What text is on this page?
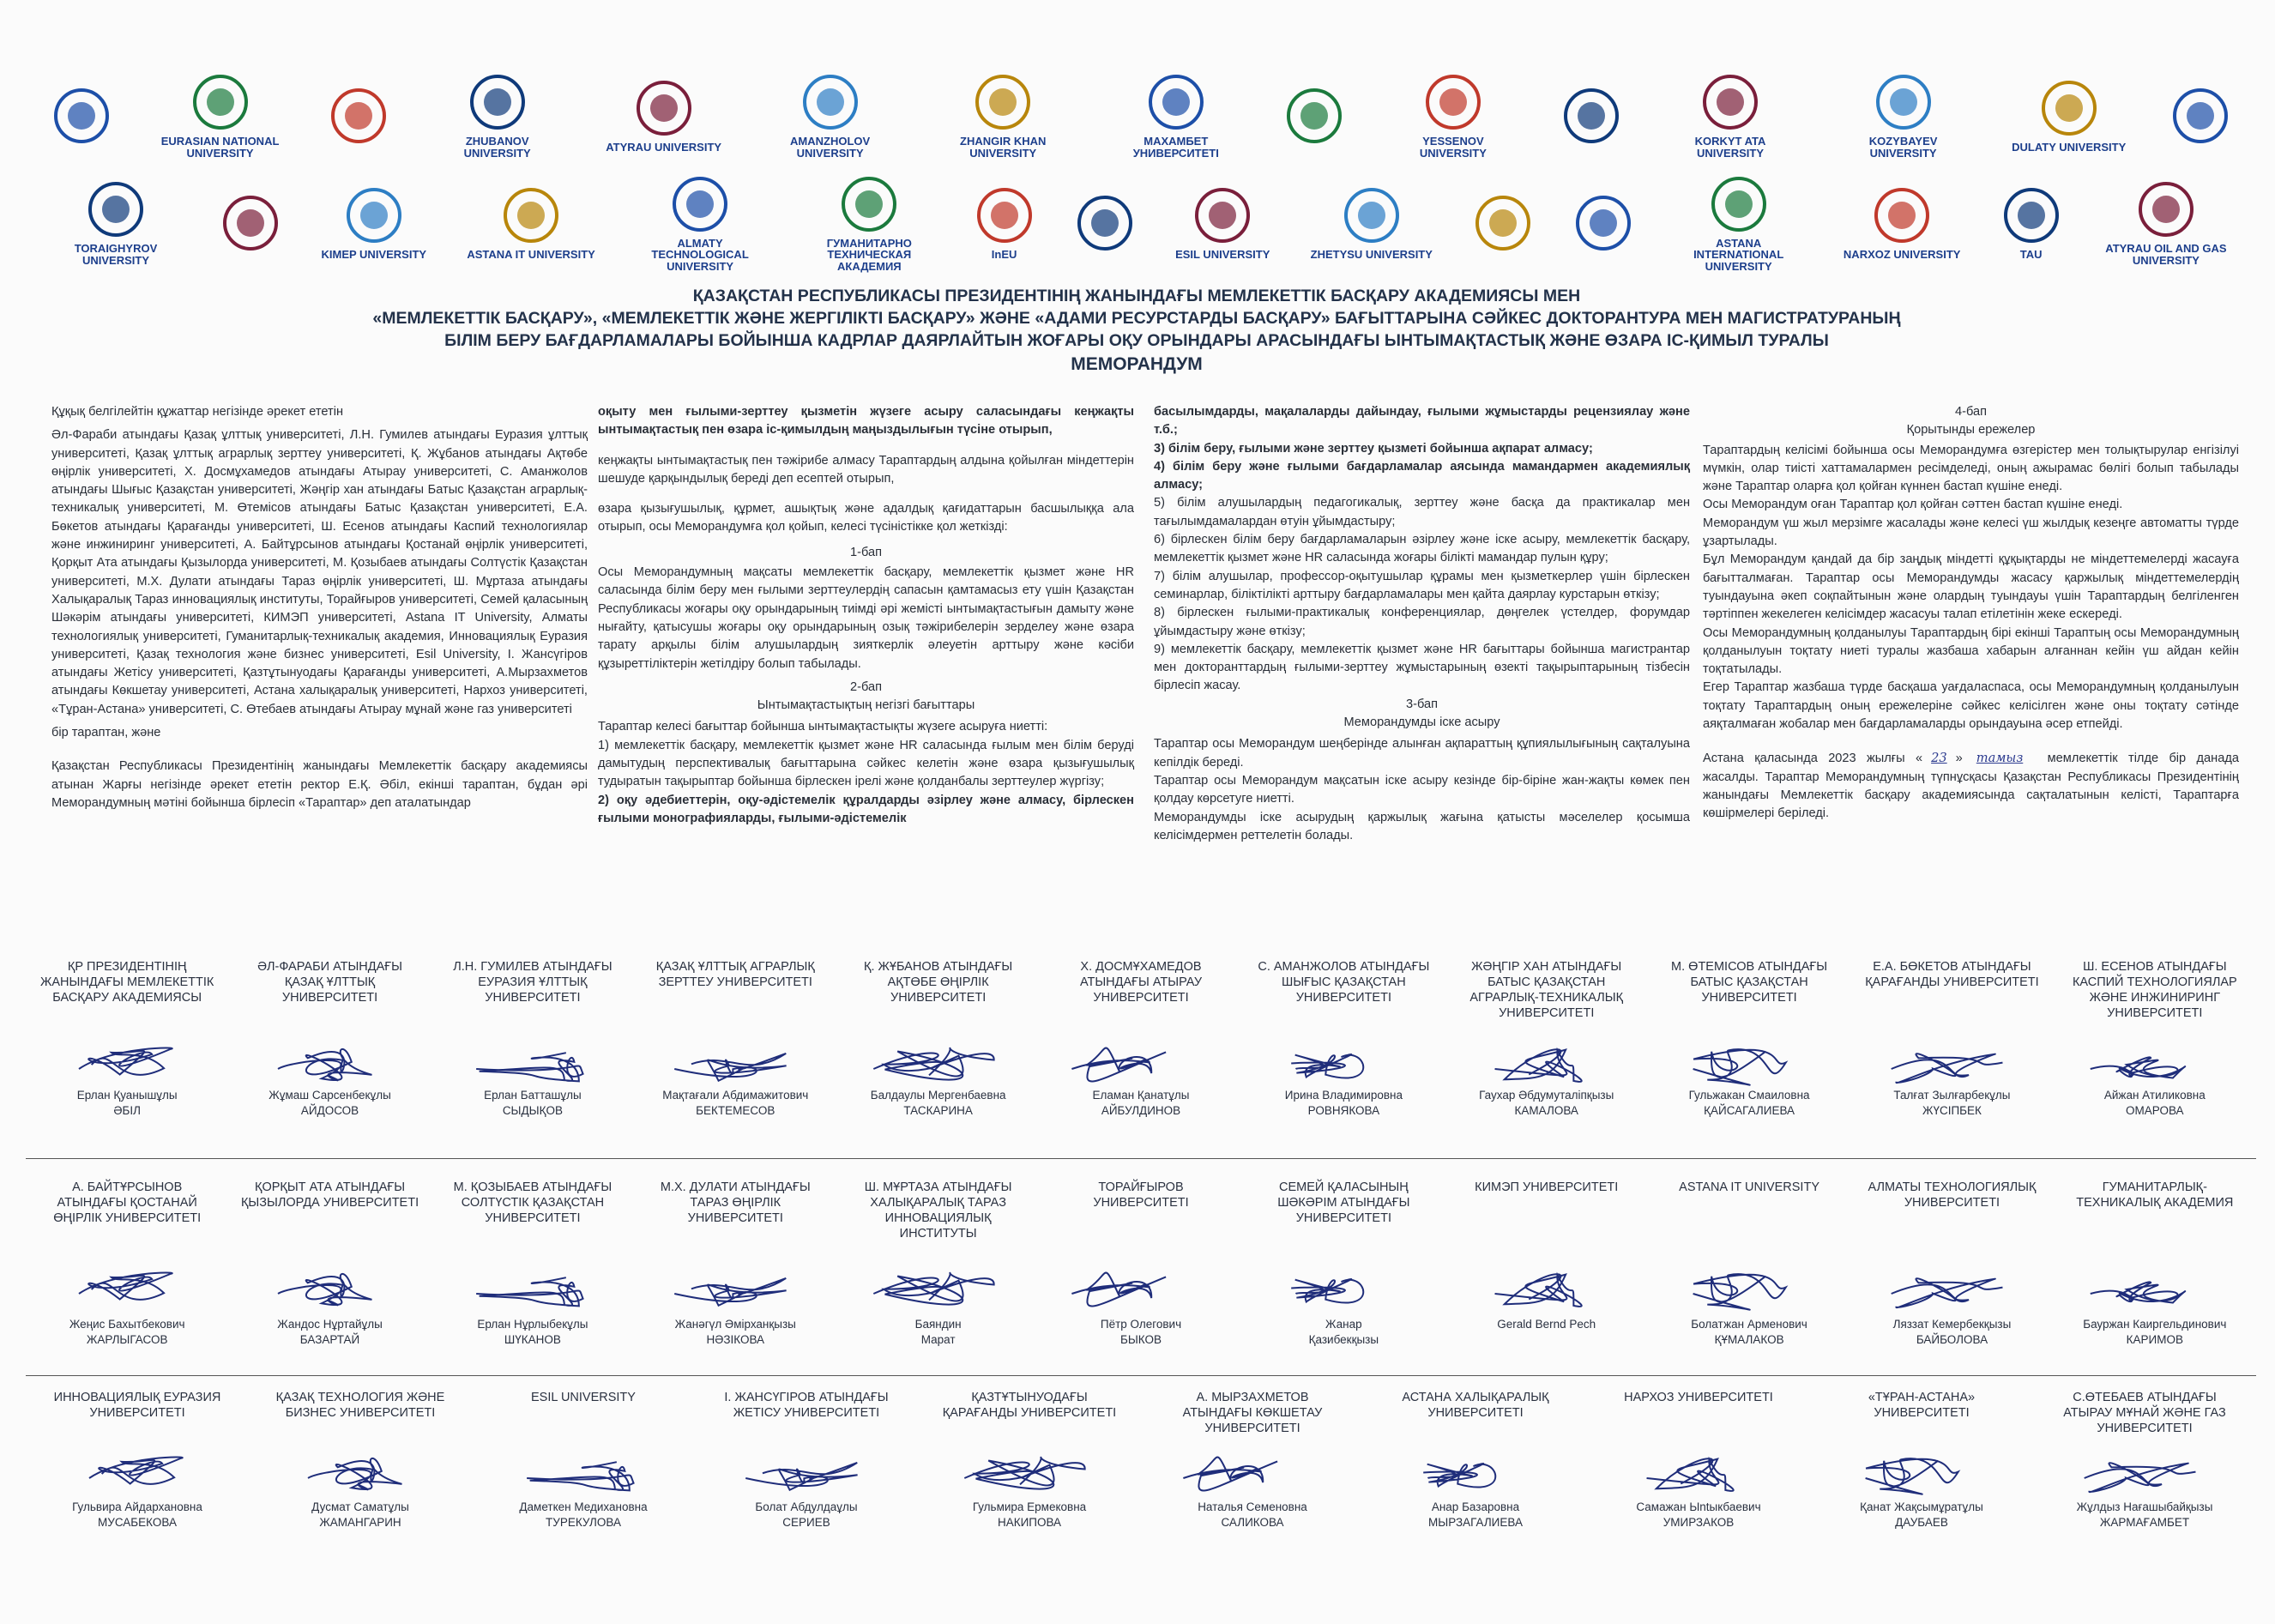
EURASIAN NATIONAL UNIVERSITY
ZHUBANOV UNIVERSITY	ATYRAU UNIVERSITY	AMANZHOLOV UNIVERSITY
ZHANGIR KHAN UNIVERSITY
МАХАМБЕТ УНИВЕРСИТЕТІ
YESSENOV UNIVERSITY
KORKYT ATA UNIVERSITY
KOZYBAYEV UNIVERSITY	DULATY UNIVERSITY
TORAIGHYROV UNIVERSITY	KIMEP UNIVERSITY	ASTANA IT UNIVERSITY
ALMATY TECHNOLOGICAL UNIVERSITY
ГУМАНИТАРНО ТЕХНИЧЕСКАЯ АКАДЕМИЯ
InEU	ESIL UNIVERSITY	ZHETYSU UNIVERSITY
ASTANA INTERNATIONAL UNIVERSITY
NARXOZ UNIVERSITY	TAU	ATYRAU OIL AND GAS UNIVERSITY
ҚАЗАҚСТАН РЕСПУБЛИКАСЫ ПРЕЗИДЕНТІНІҢ ЖАНЫНДАҒЫ МЕМЛЕКЕТТІК БАСҚАРУ АКАДЕМИЯСЫ МЕН
«МЕМЛЕКЕТТІК БАСҚАРУ», «МЕМЛЕКЕТТІК ЖӘНЕ ЖЕРГІЛІКТІ БАСҚАРУ» ЖӘНЕ «АДАМИ РЕСУРСТАРДЫ БАСҚАРУ» БАҒЫТТАРЫНА СӘЙКЕС ДОКТОРАНТУРА МЕН МАГИСТРАТУРАНЫҢ
БІЛІМ БЕРУ БАҒДАРЛАМАЛАРЫ БОЙЫНША КАДРЛАР ДАЯРЛАЙТЫН ЖОҒАРЫ ОҚУ ОРЫНДАРЫ АРАСЫНДАҒЫ ЫНТЫМАҚТАСТЫҚ ЖӘНЕ ӨЗАРА ІС-ҚИМЫЛ ТУРАЛЫ
МЕМОРАНДУМ

Құқық белгілейтін құжаттар негізінде әрекет ететін

Әл-Фараби атындағы Қазақ ұлттық университеті, Л.Н. Гумилев атындағы Еуразия ұлттық университеті, Қазақ ұлттық аграрлық зерттеу университеті, Қ. Жұбанов атындағы Ақтөбе өңірлік университеті, Х. Досмұхамедов атындағы Атырау университеті, С. Аманжолов атындағы Шығыс Қазақстан университеті, Жәңгір хан атындағы Батыс Қазақстан аграрлық-техникалық университеті, М. Өтемісов атындағы Батыс Қазақстан университеті, Е.А. Бөкетов атындағы Қарағанды университеті, Ш. Есенов атындағы Каспий технологиялар және инжиниринг университеті, А. Байтұрсынов атындағы Қостанай өңірлік университеті, Қорқыт Ата атындағы Қызылорда университеті, М. Қозыбаев атындағы Солтүстік Қазақстан университеті, М.Х. Дулати атындағы Тараз өңірлік университеті, Ш. Мұртаза атындағы Халықаралық Тараз инновациялық институты, Торайғыров университеті, Семей қаласының Шәкәрім атындағы университеті, КИМЭП университеті, Astana IT University, Алматы технологиялық университеті, Гуманитарлық-техникалық академия, Инновациялық Еуразия университеті, Қазақ технология және бизнес университеті, Esil University, І. Жансүгіров атындағы Жетісу университеті, Қазтұтынуодағы Қарағанды университеті, А.Мырзахметов атындағы Көкшетау университеті, Астана халықаралық университеті, Нархоз университеті, «Тұран-Астана» университеті, С. Өтебаев атындағы Атырау мұнай және газ университеті

бір тараптан, және

Қазақстан Республикасы Президентінің жанындағы Мемлекеттік басқару академиясы атынан Жарғы негізінде әрекет ететін ректор Е.Қ. Әбіл, екінші тараптан, бұдан әрі Меморандумның мәтіні бойынша бірлесіп «Тараптар» деп аталатындар

оқыту мен ғылыми-зерттеу қызметін жүзеге асыру саласындағы кеңжақты ынтымақтастық пен өзара іс-қимылдың маңыздылығын түсіне отырып,

кеңжақты ынтымақтастық пен тәжірибе алмасу Тараптардың алдына қойылған міндеттерін шешуде қарқындылық береді деп есептей отырып,

өзара қызығушылық, құрмет, ашықтық және адалдық қағидаттарын басшылыққа ала отырып, осы Меморандумға қол қойып, келесі түсіністікке қол жеткізді:

1-бап

Осы Меморандумның мақсаты мемлекеттік басқару, мемлекеттік қызмет және HR саласында білім беру мен ғылыми зерттеулердің сапасын қамтамасыз ету үшін Қазақстан Республикасы жоғары оқу орындарының тиімді әрі жемісті ынтымақтастығын дамыту және нығайту, қатысушы жоғары оқу орындарының озық тәжірибелерін зерделеу және өзара тарату арқылы білім алушылардың зияткерлік әлеуетін арттыру және кәсіби құзыреттіліктерін жетілдіру болып табылады.

2-бап
Ынтымақтастықтың негізгі бағыттары

Тараптар келесі бағыттар бойынша ынтымақтастықты жүзеге асыруға ниетті:

1) мемлекеттік басқару, мемлекеттік қызмет және HR саласында ғылым мен білім беруді дамытудың перспективалық бағыттарына сәйкес келетін және өзара қызығушылық тудыратын тақырыптар бойынша бірлескен ірелі және қолданбалы зерттеулер жүргізу;

2) оқу әдебиеттерін, оқу-әдістемелік құралдарды әзірлеу және алмасу, бірлескен ғылыми монографияларды, ғылыми-әдістемелік

басылымдарды, мақалаларды дайындау, ғылыми жұмыстарды рецензиялау және т.б.;

3) білім беру, ғылыми және зерттеу қызметі бойынша ақпарат алмасу;

4) білім беру және ғылыми бағдарламалар аясында мамандармен академиялық алмасу;

5) білім алушылардың педагогикалық, зерттеу және басқа да практикалар мен тағылымдамалардан өтуін ұйымдастыру;

6) бірлескен білім беру бағдарламаларын әзірлеу және іске асыру, мемлекеттік басқару, мемлекеттік қызмет және HR саласында жоғары білікті мамандар пулын құру;

7) білім алушылар, профессор-оқытушылар құрамы мен қызметкерлер үшін бірлескен семинарлар, біліктілікті арттыру бағдарламалары мен қайта даярлау курстарын өткізу;

8) бірлескен ғылыми-практикалық конференциялар, дөңгелек үстелдер, форумдар ұйымдастыру және өткізу;

9) мемлекеттік басқару, мемлекеттік қызмет және HR бағыттары бойынша магистрантар мен докторанттардың ғылыми-зерттеу жұмыстарының өзекті тақырыптарының тізбесін бірлесіп жасау.

3-бап
Меморандумды іске асыру

Тараптар осы Меморандум шеңберінде алынған ақпараттың құпиялылығының сақталуына кепілдік береді.

Тараптар осы Меморандум мақсатын іске асыру кезінде бір-біріне жан-жақты көмек пен қолдау көрсетуге ниетті.

Меморандумды іске асырудың қаржылық жағына қатысты мәселелер қосымша келісімдермен реттелетін болады.

4-бап
Қорытынды ережелер

Тараптардың келісімі бойынша осы Меморандумға өзгерістер мен толықтырулар енгізілуі мүмкін, олар тиісті хаттамалармен ресімделеді, оның ажырамас бөлігі болып табылады және Тараптар оларға қол қойған күннен бастап күшіне енеді.

Осы Меморандум оған Тараптар қол қойған сәттен бастап күшіне енеді.

Меморандум үш жыл мерзімге жасалады және келесі үш жылдық кезеңге автоматты түрде ұзартылады.

Бұл Меморандум қандай да бір заңдық міндетті құқықтарды не міндеттемелерді жасауға бағытталмаған. Тараптар осы Меморандумды жасасу қаржылық міндеттемелердің туындауына әкеп соқпайтынын және олардың туындауы үшін Тараптардың белгіленген тәртіппен жекелеген келісімдер жасасуы талап етілетінін жеке ескереді.

Осы Меморандумның қолданылуы Тараптардың бірі екінші Тараптың осы Меморандумның қолданылуын тоқтату ниеті туралы жазбаша хабарын алғаннан кейін үш айдан кейін тоқтатылады.

Егер Тараптар жазбаша түрде басқаша уағдаласпаса, осы Меморандумның қолданылуын тоқтату Тараптардың оның ережелеріне сәйкес келісілген және оны тоқтату сәтінде аяқталмаған жобалар мен бағдарламаларды орындауына әсер етпейді.

Астана қаласында 2023 жылғы « 23 » тамыз мемлекеттік тілде бір данада жасалды. Тараптар Меморандумның түпнұсқасы Қазақстан Республикасы Президентінің жанындағы Мемлекеттік басқару академиясында сақталатынын келісті, Тараптарға көшірмелері беріледі.

ҚР ПРЕЗИДЕНТІНІҢ ЖАНЫНДАҒЫ МЕМЛЕКЕТТІК БАСҚАРУ АКАДЕМИЯСЫ
Ерлан Қуанышұлы
ӘБІЛ
ӘЛ-ФАРАБИ АТЫНДАҒЫ ҚАЗАҚ ҰЛТТЫҚ УНИВЕРСИТЕТІ
Жұмаш Сарсенбекұлы
АЙДОСОВ
Л.Н. ГУМИЛЕВ АТЫНДАҒЫ ЕУРАЗИЯ ҰЛТТЫҚ УНИВЕРСИТЕТІ
Ерлан Батташұлы
СЫДЫҚОВ
ҚАЗАҚ ҰЛТТЫҚ АГРАРЛЫҚ ЗЕРТТЕУ УНИВЕРСИТЕТІ
Мақтағали Абдимажитович
БЕКТЕМЕСОВ
Қ. ЖҰБАНОВ АТЫНДАҒЫ АҚТӨБЕ ӨҢІРЛІК УНИВЕРСИТЕТІ
Балдаулы Мергенбаевна
ТАСКАРИНА
Х. ДОСМҰХАМЕДОВ АТЫНДАҒЫ АТЫРАУ УНИВЕРСИТЕТІ
Еламан Қанатұлы
АЙБУЛДИНОВ
С. АМАНЖОЛОВ АТЫНДАҒЫ ШЫҒЫС ҚАЗАҚСТАН УНИВЕРСИТЕТІ
Ирина Владимировна
РОВНЯКОВА
ЖӘҢГІР ХАН АТЫНДАҒЫ БАТЫС ҚАЗАҚСТАН АГРАРЛЫҚ-ТЕХНИКАЛЫҚ УНИВЕРСИТЕТІ
Гаухар Әбдумуталіпқызы
КАМАЛОВА
М. ӨТЕМІСОВ АТЫНДАҒЫ БАТЫС ҚАЗАҚСТАН УНИВЕРСИТЕТІ
Гульжакан Смаиловна
ҚАЙСАГАЛИЕВА
Е.А. БӨКЕТОВ АТЫНДАҒЫ ҚАРАҒАНДЫ УНИВЕРСИТЕТІ
Талғат Зылғарбекұлы
ЖҮСІПБЕК
Ш. ЕСЕНОВ АТЫНДАҒЫ КАСПИЙ ТЕХНОЛОГИЯЛАР ЖӘНЕ ИНЖИНИРИНГ УНИВЕРСИТЕТІ
Айжан Атиликовна
ОМАРОВА
А. БАЙТҰРСЫНОВ АТЫНДАҒЫ ҚОСТАНАЙ ӨҢІРЛІК УНИВЕРСИТЕТІ
Жеңис Бахытбекович
ЖАРЛЫГАСОВ
ҚОРҚЫТ АТА АТЫНДАҒЫ ҚЫЗЫЛОРДА УНИВЕРСИТЕТІ
Жандос Нұртайұлы
БАЗАРТАЙ
М. ҚОЗЫБАЕВ АТЫНДАҒЫ СОЛТҮСТІК ҚАЗАҚСТАН УНИВЕРСИТЕТІ
Ерлан Нұрлыбекұлы
ШҮКАНОВ
М.Х. ДУЛАТИ АТЫНДАҒЫ ТАРАЗ ӨҢІРЛІК УНИВЕРСИТЕТІ
Жанәгүл Әмірханқызы
НӘЗІКОВА
Ш. МҰРТАЗА АТЫНДАҒЫ ХАЛЫҚАРАЛЫҚ ТАРАЗ ИННОВАЦИЯЛЫҚ ИНСТИТУТЫ
Баяндин
Марат
ТОРАЙҒЫРОВ УНИВЕРСИТЕТІ
Пётр Олегович
БЫКОВ
СЕМЕЙ ҚАЛАСЫНЫҢ ШӘКӘРІМ АТЫНДАҒЫ УНИВЕРСИТЕТІ
Жанар
Қазибекқызы
КИМЭП УНИВЕРСИТЕТІ
Gerald Bernd Pech
ASTANA IT UNIVERSITY
Болатжан Арменович
ҚҰМАЛАКОВ
АЛМАТЫ ТЕХНОЛОГИЯЛЫҚ УНИВЕРСИТЕТІ
Ляззат Кемербекқызы
БАЙБОЛОВА
ГУМАНИТАРЛЫҚ-ТЕХНИКАЛЫҚ АКАДЕМИЯ
Бауржан Каиргельдинович
КАРИМОВ
ИННОВАЦИЯЛЫҚ ЕУРАЗИЯ УНИВЕРСИТЕТІ
Гульвира Айдархановна
МУСАБЕКОВА
ҚАЗАҚ ТЕХНОЛОГИЯ ЖӘНЕ БИЗНЕС УНИВЕРСИТЕТІ
Дусмат Саматұлы
ЖАМАНГАРИН
ESIL UNIVERSITY
Даметкен Медихановна
ТУРЕКУЛОВА
І. ЖАНСҮГІРОВ АТЫНДАҒЫ ЖЕТІСУ УНИВЕРСИТЕТІ
Болат Абдулдаұлы
СЕРИЕВ
ҚАЗТҰТЫНУОДАҒЫ ҚАРАҒАНДЫ УНИВЕРСИТЕТІ
Гульмира Ермековна
НАКИПОВА
А. МЫРЗАХМЕТОВ АТЫНДАҒЫ КӨКШЕТАУ УНИВЕРСИТЕТІ
Наталья Семеновна
САЛИКОВА
АСТАНА ХАЛЫҚАРАЛЫҚ УНИВЕРСИТЕТІ
Анар Базаровна
МЫРЗАГАЛИЕВА
НАРХОЗ УНИВЕРСИТЕТІ
Самажан Ыntыкбаевич
УМИРЗАКОВ
«ТҰРАН-АСТАНА» УНИВЕРСИТЕТІ
Қанат Жақсымұратұлы
ДАУБАЕВ
С.ӨТЕБАЕВ АТЫНДАҒЫ АТЫРАУ МҰНАЙ ЖӘНЕ ГАЗ УНИВЕРСИТЕТІ
Жұлдыз Нағашыбайқызы
ЖАРМАҒАМБЕТ
